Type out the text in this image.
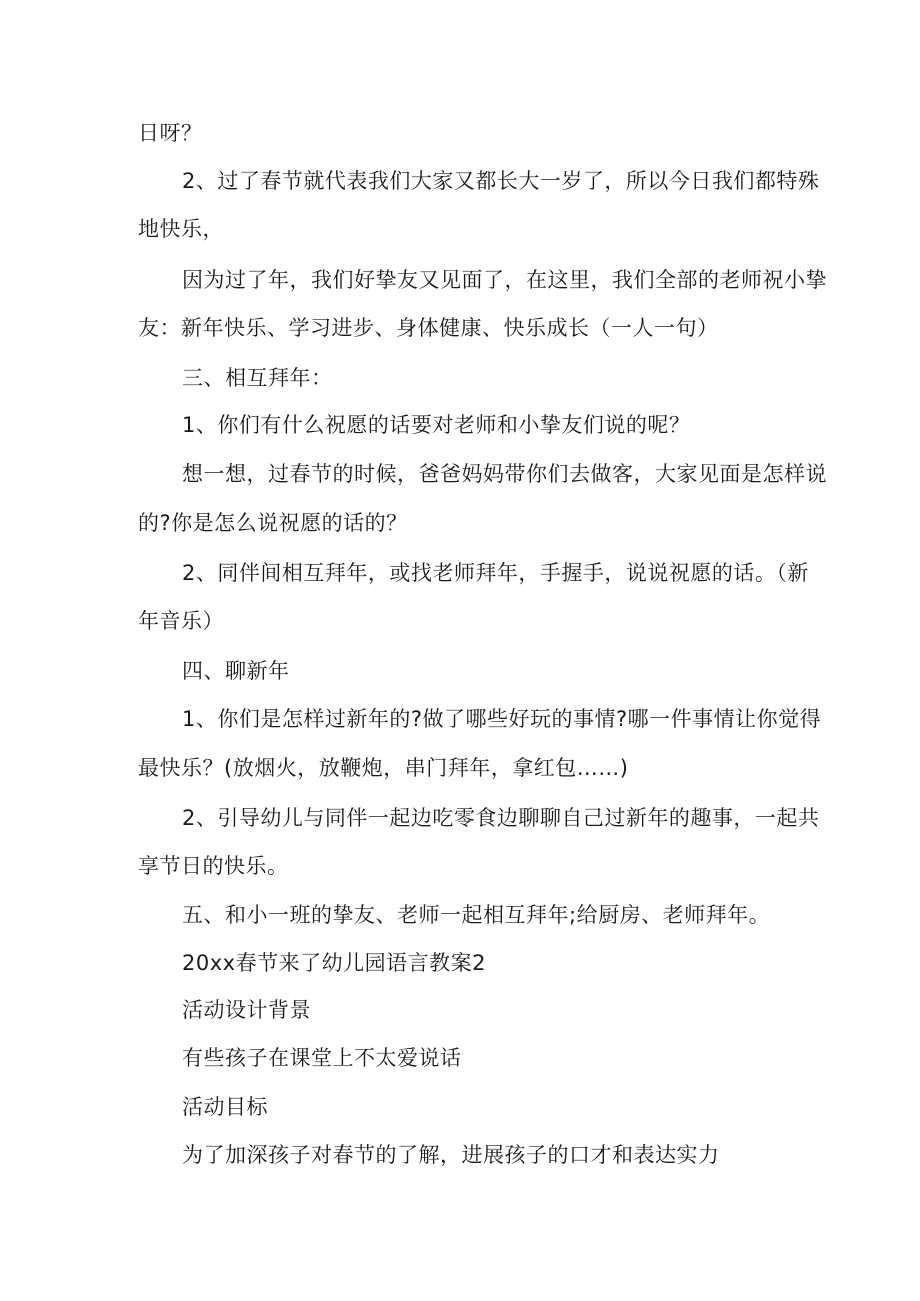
日呀？
2、过了春节就代表我们大家又都长大一岁了，所以今日我们都特殊
地快乐，
因为过了年，我们好挚友又见面了，在这里，我们全部的老师祝小挚
友：新年快乐、学习进步、身体健康、快乐成长（一人一句）
三、相互拜年：
1、你们有什么祝愿的话要对老师和小挚友们说的呢？
想一想，过春节的时候，爸爸妈妈带你们去做客，大家见面是怎样说
的?你是怎么说祝愿的话的？
2、同伴间相互拜年，或找老师拜年，手握手，说说祝愿的话。（新
年音乐）
四、聊新年
1、你们是怎样过新年的?做了哪些好玩的事情?哪一件事情让你觉得
最快乐？(放烟火，放鞭炮，串门拜年，拿红包……)
2、引导幼儿与同伴一起边吃零食边聊聊自己过新年的趣事，一起共
享节日的快乐。
五、和小一班的挚友、老师一起相互拜年;给厨房、老师拜年。
20xx春节来了幼儿园语言教案2
活动设计背景
有些孩子在课堂上不太爱说话
活动目标
为了加深孩子对春节的了解，进展孩子的口才和表达实力
